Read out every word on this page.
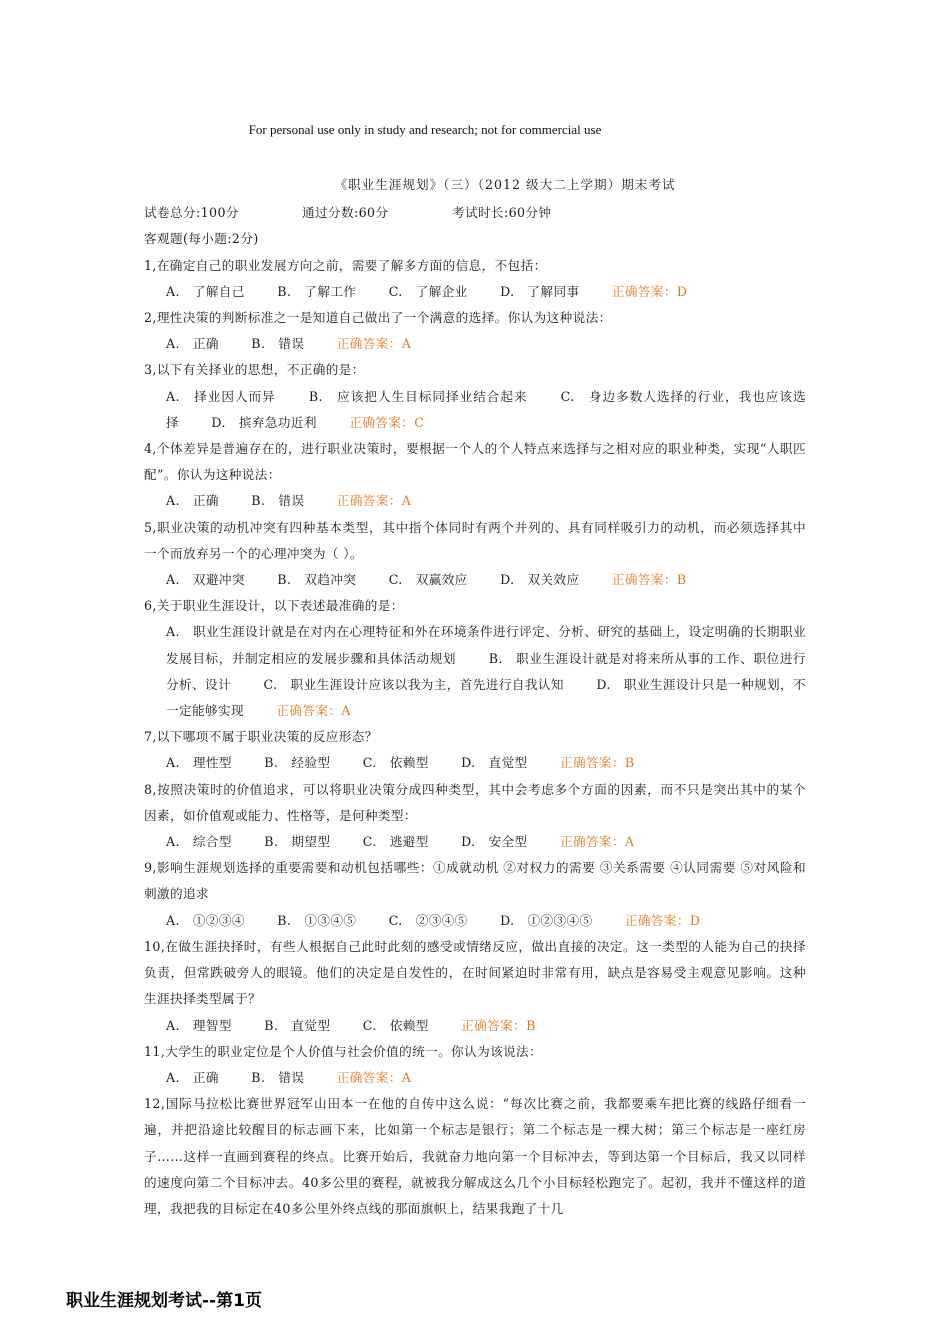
For personal use only in study and research; not for commercial use
《职业生涯规划》（三）（2012 级大二上学期）期末考试
试卷总分:100分	通过分数:60分	考试时长:60分钟
客观题(每小题:2分)
1,在确定自己的职业发展方向之前，需要了解多方面的信息，不包括：
A.　了解自己	B.　了解工作	C.　了解企业	D.　了解同事	正确答案：D
2,理性决策的判断标准之一是知道自己做出了一个满意的选择。你认为这种说法：
A.　正确	B.　错误	正确答案：A
3,以下有关择业的思想，不正确的是：
A.　择业因人而异	B.　应该把人生目标同择业结合起来	C.　身边多数人选择的行业，我也应该选择	D.　摈弃急功近利	正确答案：C
4,个体差异是普遍存在的，进行职业决策时，要根据一个人的个人特点来选择与之相对应的职业种类，实现“人职匹配”。你认为这种说法：
A.　正确	B.　错误	正确答案：A
5,职业决策的动机冲突有四种基本类型，其中指个体同时有两个并列的、具有同样吸引力的动机，而必须选择其中一个而放弃另一个的心理冲突为（ ）。
A.　双避冲突	B.　双趋冲突	C.　双赢效应	D.　双关效应	正确答案：B
6,关于职业生涯设计，以下表述最准确的是：
A.　职业生涯设计就是在对内在心理特征和外在环境条件进行评定、分析、研究的基础上，设定明确的长期职业发展目标，并制定相应的发展步骤和具体活动规划	B.　职业生涯设计就是对将来所从事的工作、职位进行分析、设计	C.　职业生涯设计应该以我为主，首先进行自我认知	D.　职业生涯设计只是一种规划，不一定能够实现	正确答案：A
7,以下哪项不属于职业决策的反应形态？
A.　理性型	B.　经验型	C.　依赖型	D.　直觉型	正确答案：B
8,按照决策时的价值追求，可以将职业决策分成四种类型，其中会考虑多个方面的因素，而不只是突出其中的某个因素，如价值观或能力、性格等，是何种类型：
A.　综合型	B.　期望型	C.　逃避型	D.　安全型	正确答案：A
9,影响生涯规划选择的重要需要和动机包括哪些：①成就动机 ②对权力的需要 ③关系需要 ④认同需要 ⑤对风险和刺激的追求
A.　①②③④	B.　①③④⑤	C.　②③④⑤	D.　①②③④⑤	正确答案：D
10,在做生涯抉择时，有些人根据自己此时此刻的感受或情绪反应，做出直接的决定。这一类型的人能为自己的抉择负责，但常跌破旁人的眼镜。他们的决定是自发性的，在时间紧迫时非常有用，缺点是容易受主观意见影响。这种生涯抉择类型属于？
A.　理智型	B.　直觉型	C.　依赖型	正确答案：B
11,大学生的职业定位是个人价值与社会价值的统一。你认为该说法：
A.　正确	B.　错误	正确答案：A
12,国际马拉松比赛世界冠军山田本一在他的自传中这么说：“每次比赛之前，我都要乘车把比赛的线路仔细看一遍，并把沿途比较醒目的标志画下来，比如第一个标志是银行；第二个标志是一棵大树；第三个标志是一座红房子……这样一直画到赛程的终点。比赛开始后，我就奋力地向第一个目标冲去，等到达第一个目标后，我又以同样的速度向第二个目标冲去。40多公里的赛程，就被我分解成这么几个小目标轻松跑完了。起初，我并不懂这样的道理，我把我的目标定在40多公里外终点线的那面旗帜上，结果我跑了十几
职业生涯规划考试--第1页
